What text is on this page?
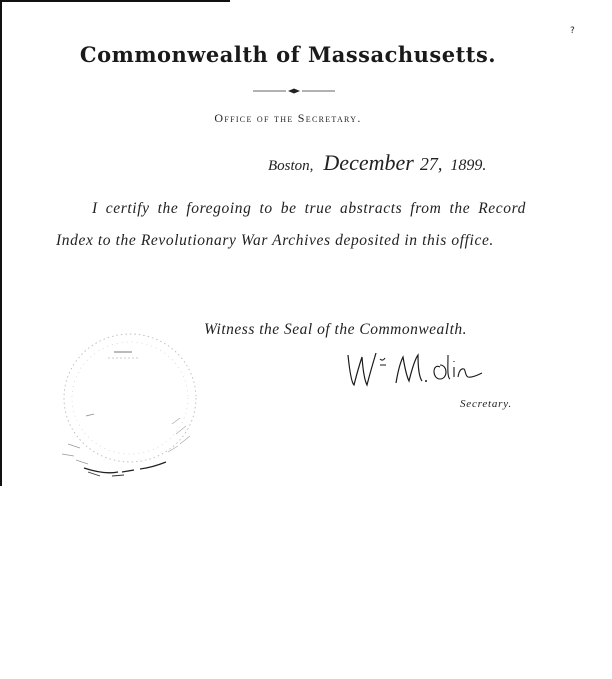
?
Commonwealth of Massachusetts.
Office of the Secretary.
Boston, December 27, 1899.
I certify the foregoing to be true abstracts from the Record Index to the Revolutionary War Archives deposited in this office.
Witness the Seal of the Commonwealth.
Secretary.
